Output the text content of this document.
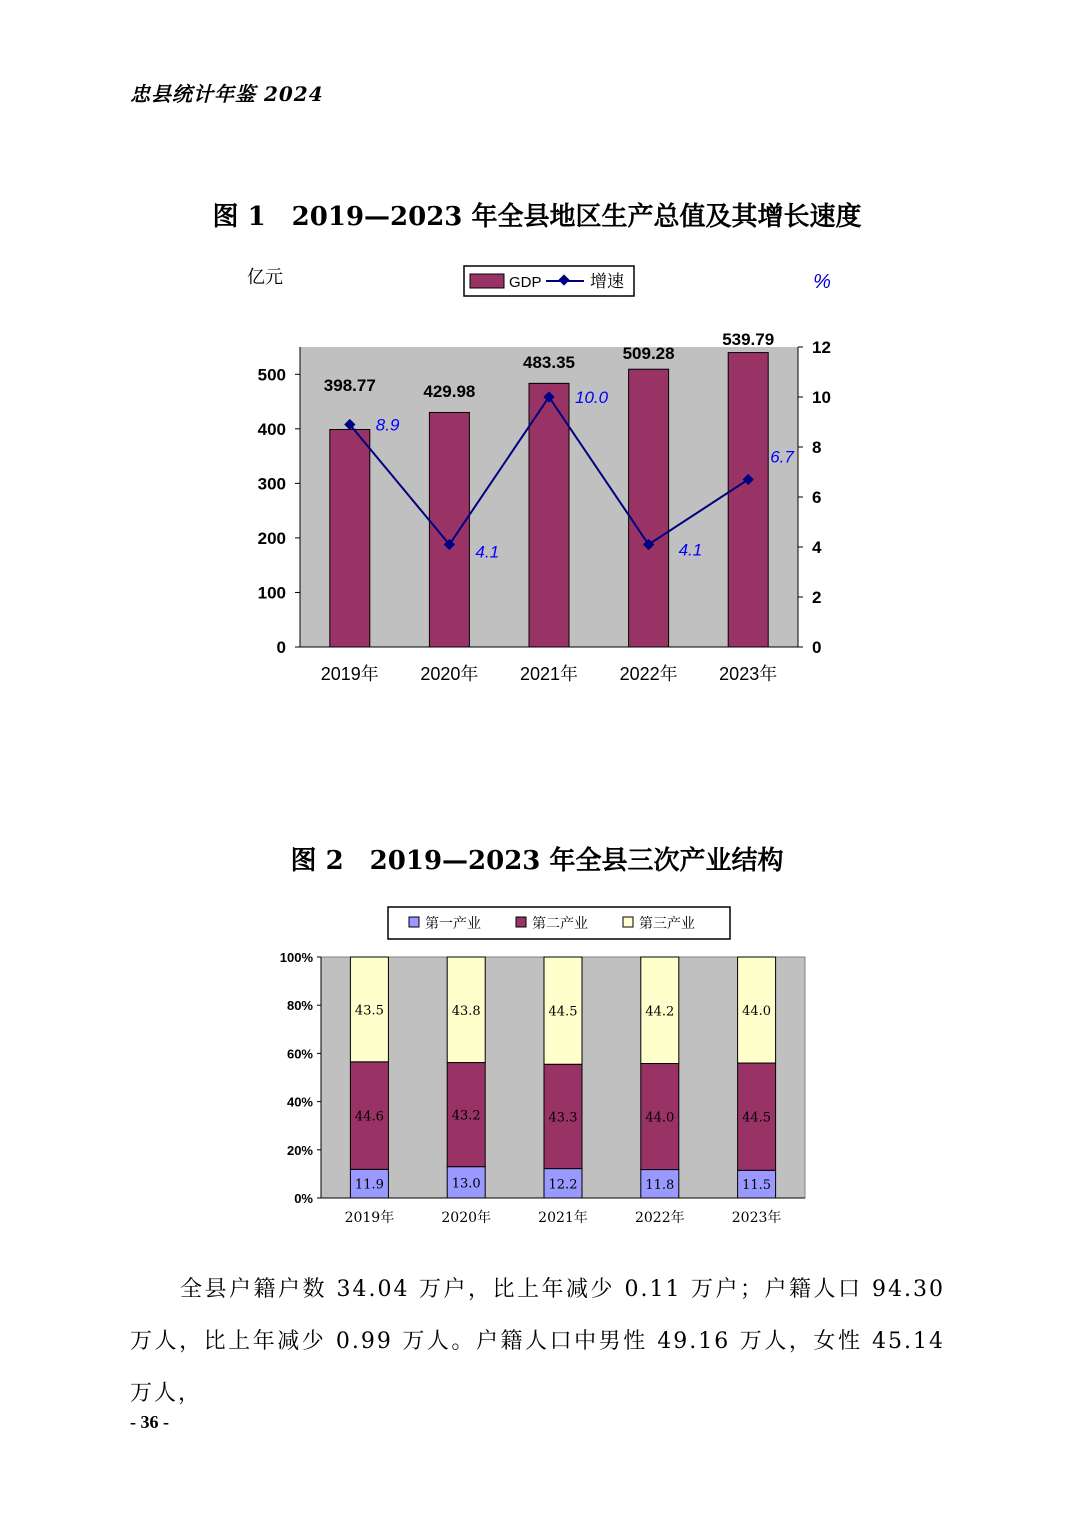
忠县统计年鉴 2024
图 1　2019—2023 年全县地区生产总值及其增长速度
0
100
200
300
400
500
0
2
4
6
8
10
12
亿元	%
GDP	增速
398.77	429.98
483.35	509.28
539.79
8.9
4.1
10.0
4.1
6.7
2019年 2020年 2021年 2022年 2023年
图 2　2019—2023 年全县三次产业结构
第一产业	第二产业	第三产业
0%
20%
40%
60%
80%
100%
11.9
44.6
43.5
2019年
13.0
43.2
43.8
2020年
12.2
43.3
44.5
2021年
11.8
44.0
44.2
2022年
11.5
44.5
44.0
2023年
全县户籍户数 34.04 万户，比上年减少 0.11 万户；户籍人口 94.30 万人，比上年减少 0.99 万人。户籍人口中男性 49.16 万人，女性 45.14 万人，
- 36 -
